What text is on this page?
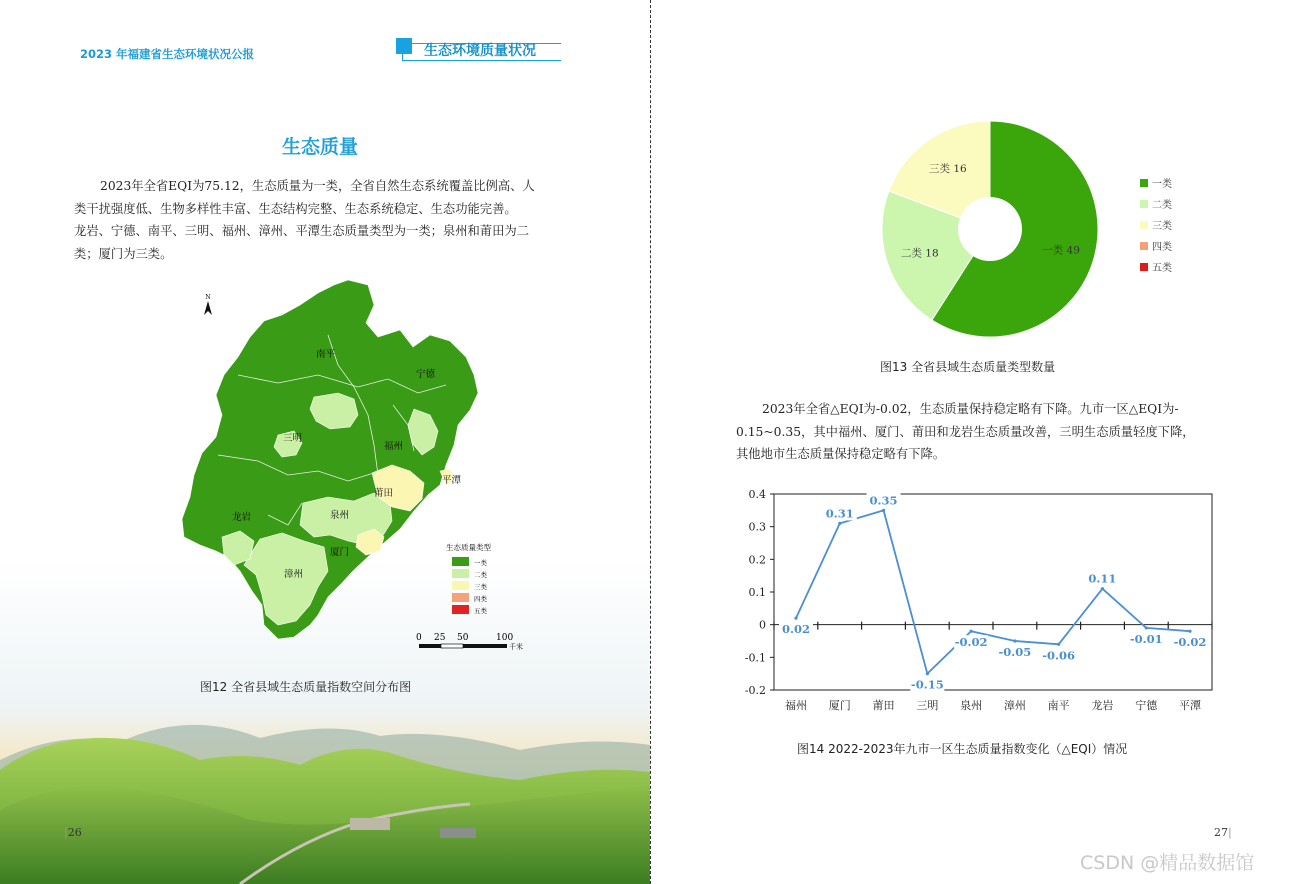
生态环境质量状况
生态质量

2023年全省EQI为75.12，生态质量为一类，全省自然生态系统覆盖比例高、人

类干扰强度低、生物多样性丰富、生态结构完整、生态系统稳定、生态功能完善。

龙岩、宁德、南平、三明、福州、漳州、平潭生态质量类型为一类；泉州和莆田为二

类；厦门为三类。

N
南平
宁德
三明
福州
莆田
泉州
龙岩
厦门
漳州
平潭
生态质量类型
一类
二类
三类
四类
五类
0 25 50	100
千米
图12 全省县域生态质量指数空间分布图
|26
2023 年福建省生态环境状况公报
一类 49
二类 18
三类 16
一类
二类
三类
四类
五类
图13 全省县域生态质量类型数量

2023年全省△EQI为-0.02，生态质量保持稳定略有下降。九市一区△EQI为-

0.15~0.35，其中福州、厦门、莆田和龙岩生态质量改善，三明生态质量轻度下降，

其他地市生态质量保持稳定略有下降。

-0.2
-0.1
0
0.1
0.2
0.3
0.4
0.02
0.31
0.35
-0.15
-0.02
-0.05 -0.06
0.11
-0.01 -0.02
福州 厦门 莆田 三明 泉州 漳州 南平 龙岩 宁德 平潭
图14 2022-2023年九市一区生态质量指数变化（△EQI）情况
27|
CSDN @精品数据馆
